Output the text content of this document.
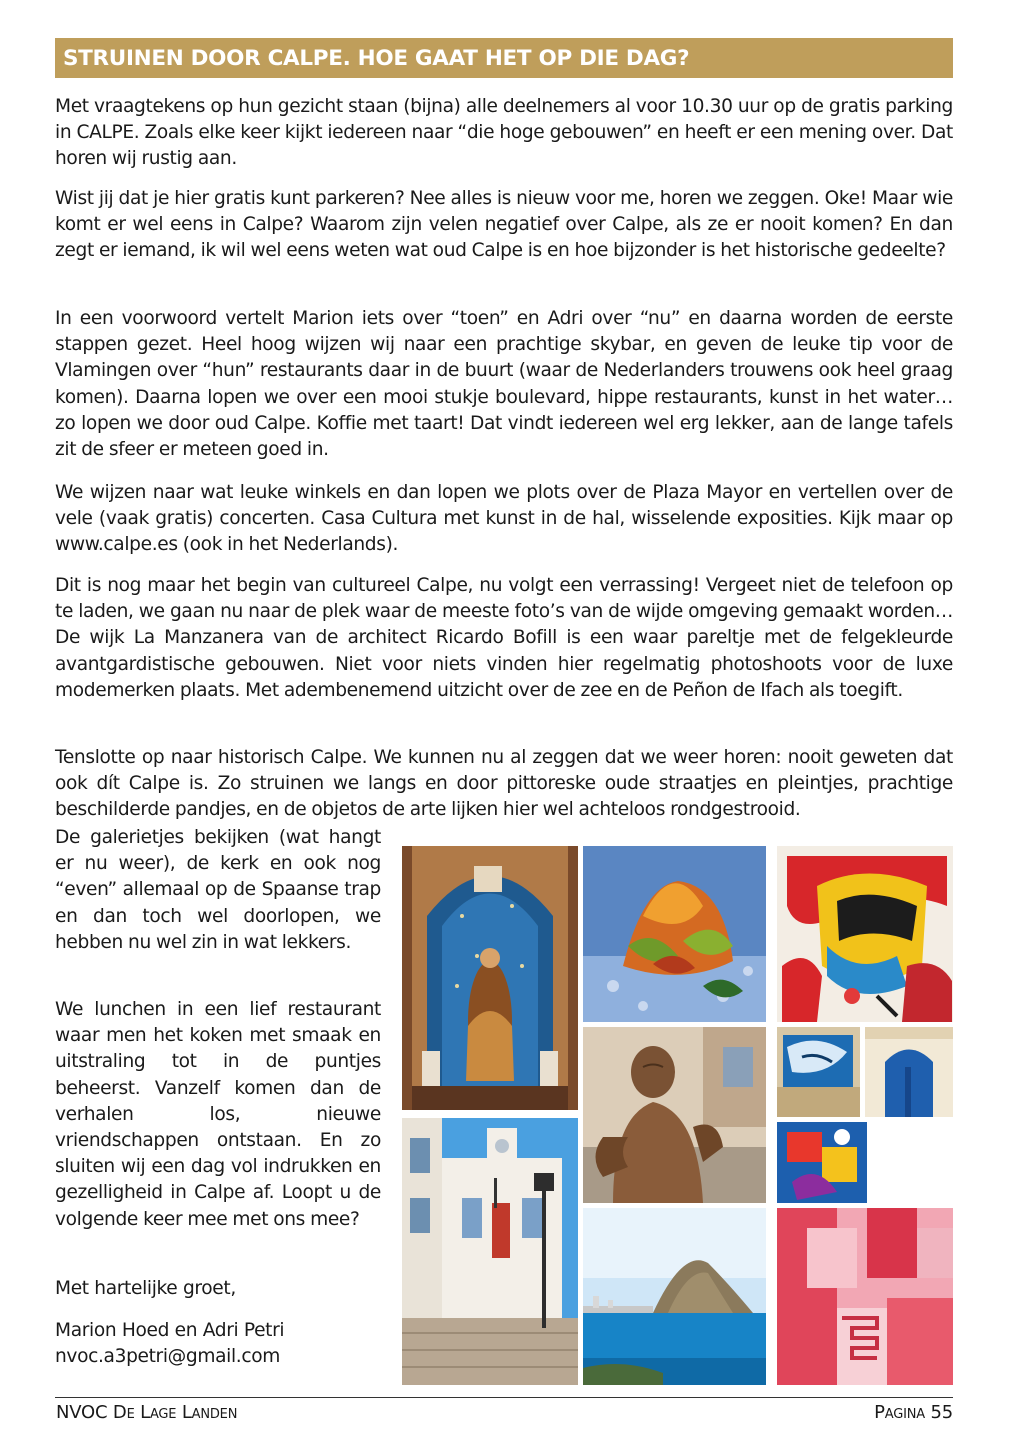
STRUINEN DOOR CALPE. HOE GAAT HET OP DIE DAG?

Met vraagtekens op hun gezicht staan (bijna) alle deelnemers al voor 10.30 uur op de gratis parking in CALPE. Zoals elke keer kijkt iedereen naar “die hoge gebouwen” en heeft er een mening over. Dat horen wij rustig aan.

Wist jij dat je hier gratis kunt parkeren? Nee alles is nieuw voor me, horen we zeggen. Oke! Maar wie komt er wel eens in Calpe? Waarom zijn velen negatief over Calpe, als ze er nooit komen? En dan zegt er iemand, ik wil wel eens weten wat oud Calpe is en hoe bijzonder is het historische gedeelte?

In een voorwoord vertelt Marion iets over “toen” en Adri over “nu” en daarna worden de eerste stappen gezet. Heel hoog wijzen wij naar een prachtige skybar, en geven de leuke tip voor de Vlamingen over “hun” restaurants daar in de buurt (waar de Nederlanders trouwens ook heel graag komen). Daarna lopen we over een mooi stukje boulevard, hippe restaurants, kunst in het water… zo lopen we door oud Calpe. Koffie met taart! Dat vindt iedereen wel erg lekker, aan de lange tafels zit de sfeer er meteen goed in.

We wijzen naar wat leuke winkels en dan lopen we plots over de Plaza Mayor en vertellen over de vele (vaak gratis) concerten. Casa Cultura met kunst in de hal, wisselende exposities. Kijk maar op www.calpe.es (ook in het Nederlands).

Dit is nog maar het begin van cultureel Calpe, nu volgt een verrassing! Vergeet niet de telefoon op te laden, we gaan nu naar de plek waar de meeste foto’s van de wijde omgeving gemaakt worden… De wijk La Manzanera van de architect Ricardo Bofill is een waar pareltje met de felgekleurde avantgardistische gebouwen. Niet voor niets vinden hier regelmatig photoshoots voor de luxe modemerken plaats. Met adembenemend uitzicht over de zee en de Peñon de Ifach als toegift.

Tenslotte op naar historisch Calpe. We kunnen nu al zeggen dat we weer horen: nooit geweten dat ook dít Calpe is. Zo struinen we langs en door pittoreske oude straatjes en pleintjes, prachtige beschilderde pandjes, en de objetos de arte lijken hier wel achteloos rondgestrooid.

De galerietjes bekijken (wat hangt er nu weer), de kerk en ook nog “even” allemaal op de Spaanse trap en dan toch wel doorlopen, we hebben nu wel zin in wat lekkers.

We lunchen in een lief restaurant waar men het koken met smaak en uitstraling tot in de puntjes beheerst. Vanzelf komen dan de verhalen los, nieuwe vriendschappen ontstaan. En zo sluiten wij een dag vol indrukken en gezelligheid in Calpe af. Loopt u de volgende keer mee met ons mee?

Met hartelijke groet,

Marion Hoed en Adri Petri

nvoc.a3petri@gmail.com

NVOC De Lage Landen	Pagina 55
